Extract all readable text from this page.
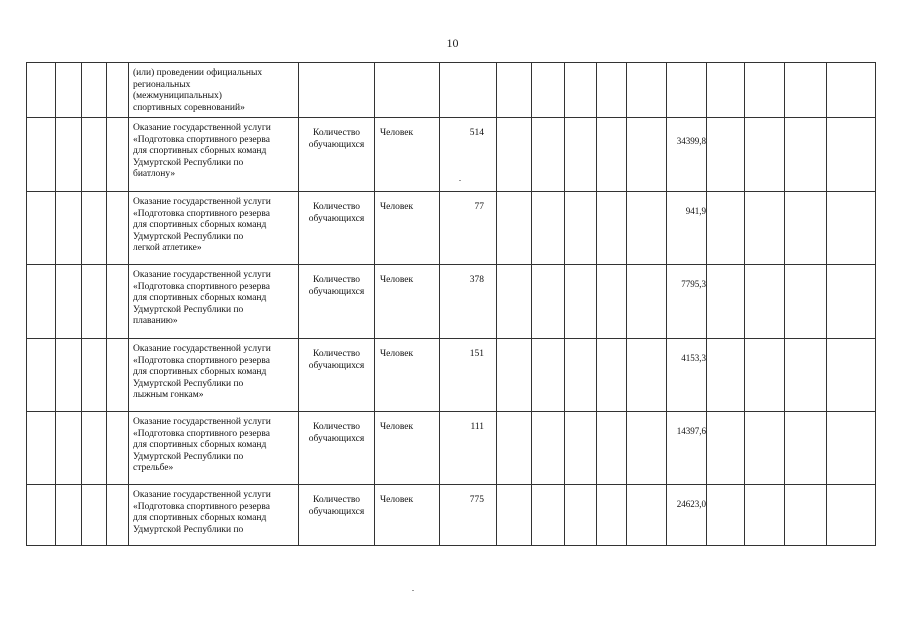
10
(или) проведении официальных
региональных
(межмуниципальных)
спортивных соревнований»
Оказание государственной услуги
«Подготовка спортивного резерва
для спортивных сборных команд
Удмуртской Республики по
биатлону»
Количество
обучающихся
Человек	514
34399,8
Оказание государственной услуги
«Подготовка спортивного резерва
для спортивных сборных команд
Удмуртской Республики по
легкой атлетике»
Количество
обучающихся
Человек	77	941,9
Оказание государственной услуги
«Подготовка спортивного резерва
для спортивных сборных команд
Удмуртской Республики по
плаванию»
Количество
обучающихся
Человек	378	7795,3
Оказание государственной услуги
«Подготовка спортивного резерва
для спортивных сборных команд
Удмуртской Республики по
лыжным гонкам»
Количество
обучающихся
Человек	151	4153,3
Оказание государственной услуги
«Подготовка спортивного резерва
для спортивных сборных команд
Удмуртской Республики по
стрельбе»
Количество
обучающихся
Человек	111	14397,6
Оказание государственной услуги
«Подготовка спортивного резерва
для спортивных сборных команд
Удмуртской Республики по
Количество
обучающихся
Человек	775	24623,0
